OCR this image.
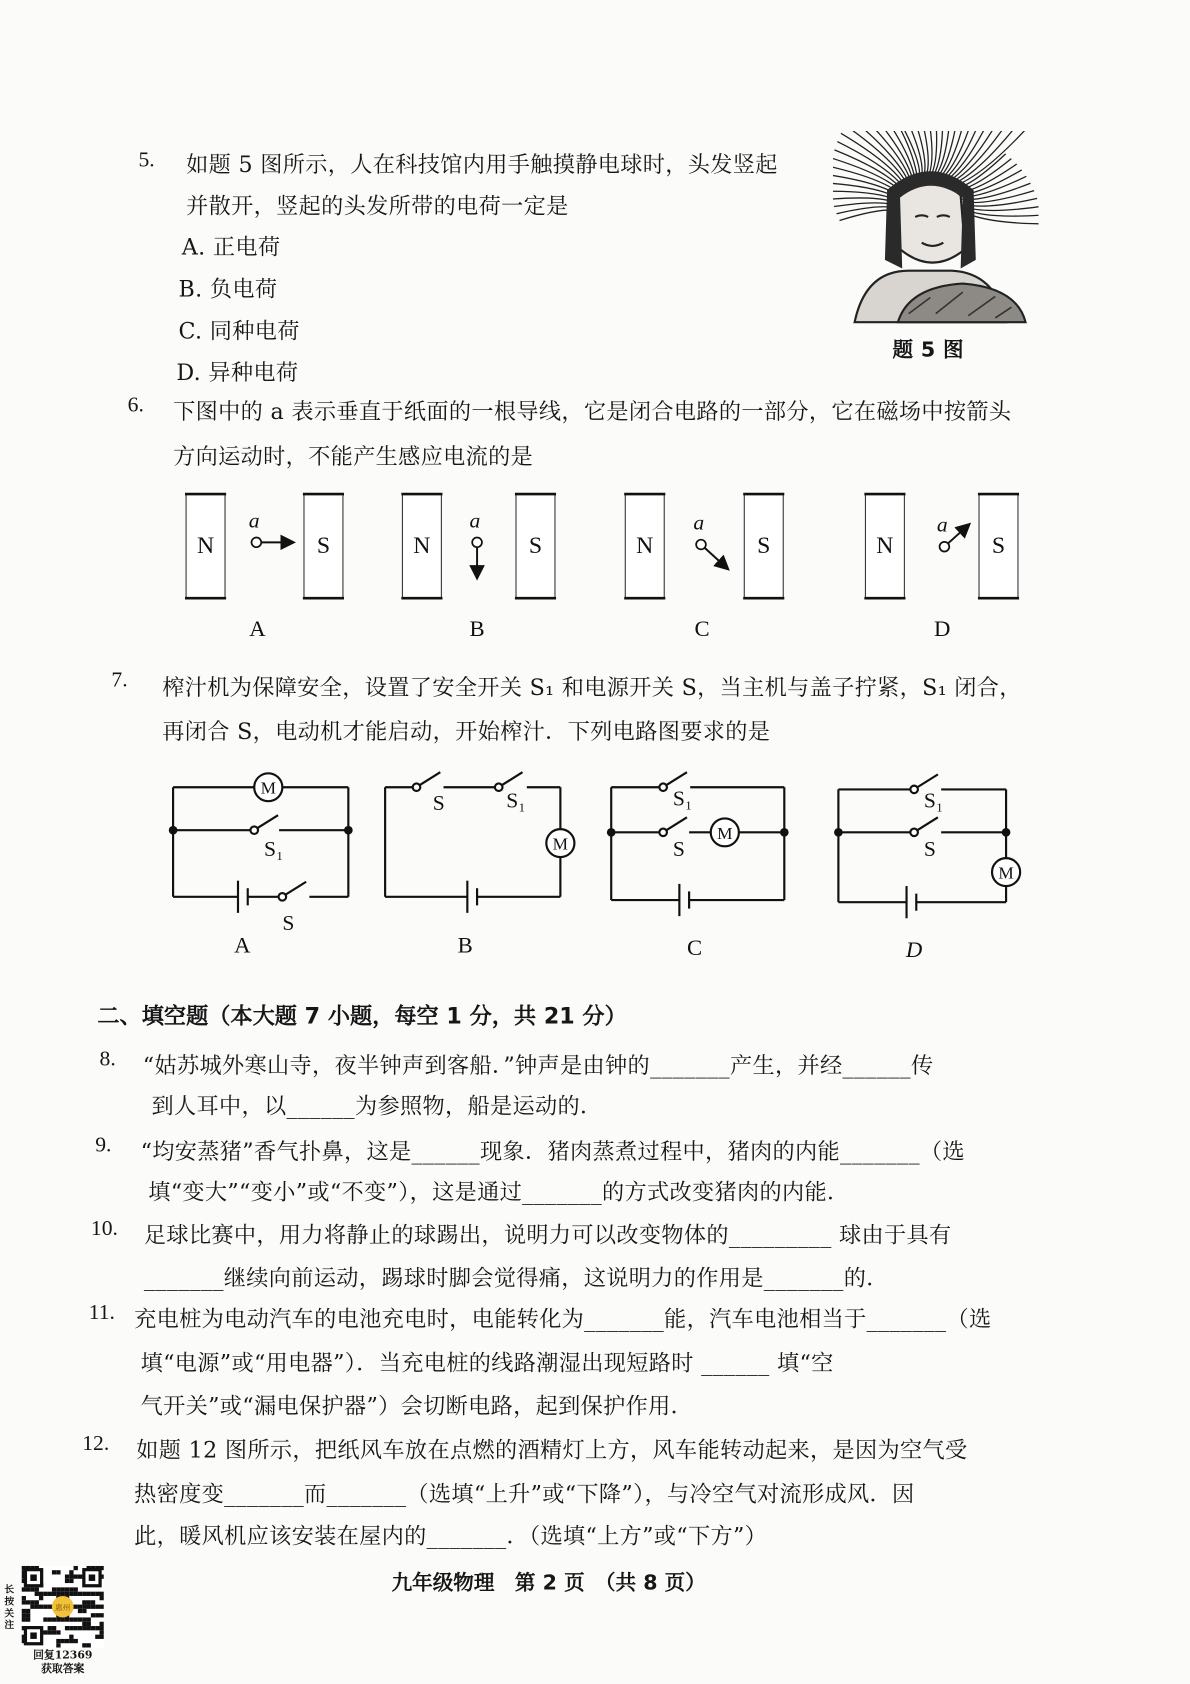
5. 如题 5 图所示，人在科技馆内用手触摸静电球时，头发竖起
并散开，竖起的头发所带的电荷一定是
A. 正电荷
B. 负电荷
C. 同种电荷
D. 异种电荷
题 5 图
6. 下图中的 a 表示垂直于纸面的一根导线，它是闭合电路的一部分，它在磁场中按箭头
方向运动时，不能产生感应电流的是
N	S
a
A
N	S
a
B
N	S
a
C
N	S
a
D
7. 榨汁机为保障安全，设置了安全开关 S₁ 和电源开关 S，当主机与盖子拧紧，S₁ 闭合，
再闭合 S，电动机才能启动，开始榨汁．下列电路图要求的是
M
S₁
S
A
S	S₁
M
B
S₁
S
M
C
S₁
S
M
D
二、填空题（本大题 7 小题，每空 1 分，共 21 分）
8. “姑苏城外寒山寺，夜半钟声到客船．”钟声是由钟的_______产生，并经______传
到人耳中，以______为参照物，船是运动的．
9. “均安蒸猪”香气扑鼻，这是______现象．猪肉蒸煮过程中，猪肉的内能_______（选
填“变大”“变小”或“不变”），这是通过_______的方式改变猪肉的内能．
10. 足球比赛中，用力将静止的球踢出，说明力可以改变物体的_________ 球由于具有
_______继续向前运动，踢球时脚会觉得痛，这说明力的作用是_______的．
11. 充电桩为电动汽车的电池充电时，电能转化为_______能，汽车电池相当于_______（选
填“电源”或“用电器”）．当充电桩的线路潮湿出现短路时 ______ 填“空
气开关”或“漏电保护器”）会切断电路，起到保护作用．
12. 如题 12 图所示，把纸风车放在点燃的酒精灯上方，风车能转动起来，是因为空气受
热密度变_______而_______（选填“上升”或“下降”），与冷空气对流形成风．因
此，暖风机应该安装在屋内的_______．（选填“上方”或“下方”）
九年级物理　第 2 页　（共 8 页）
长按关注
惠州
回复12369
获取答案
